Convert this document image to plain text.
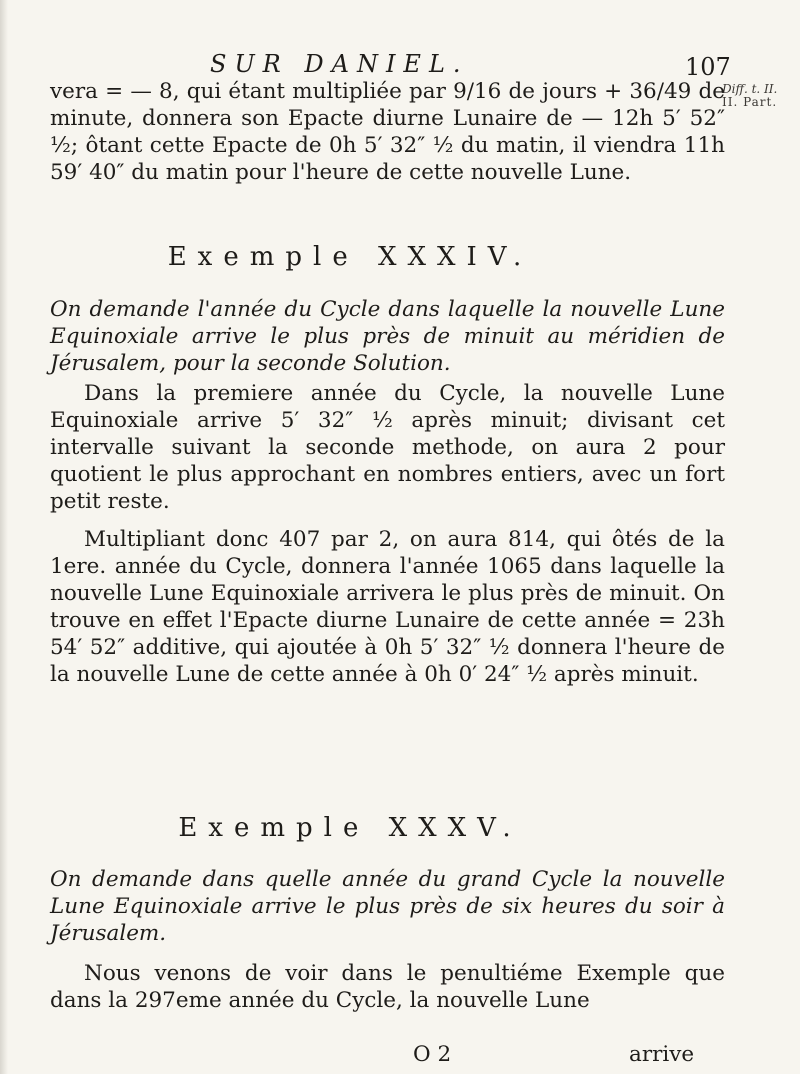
SUR DANIEL.	107
Diff. t. II.
II. Part.

vera = — 8, qui étant multipliée par 9/16 de jours + 36/49 de minute, donnera son Epacte diurne Lunaire de — 12h 5′ 52″ ½; ôtant cette Epacte de 0h 5′ 32″ ½ du matin, il viendra 11h 59′ 40″ du matin pour l'heure de cette nouvelle Lune.

Exemple XXXIV.

On demande l'année du Cycle dans laquelle la nouvelle Lune Equinoxiale arrive le plus près de minuit au méridien de Jérusalem, pour la seconde Solution.

Dans la premiere année du Cycle, la nouvelle Lune Equinoxiale arrive 5′ 32″ ½ après minuit; divisant cet intervalle suivant la seconde methode, on aura 2 pour quotient le plus approchant en nombres entiers, avec un fort petit reste.

Multipliant donc 407 par 2, on aura 814, qui ôtés de la 1ere. année du Cycle, donnera l'année 1065 dans laquelle la nouvelle Lune Equinoxiale arrivera le plus près de minuit. On trouve en effet l'Epacte diurne Lunaire de cette année = 23h 54′ 52″ additive, qui ajoutée à 0h 5′ 32″ ½ donnera l'heure de la nouvelle Lune de cette année à 0h 0′ 24″ ½ après minuit.

Exemple XXXV.

On demande dans quelle année du grand Cycle la nouvelle Lune Equinoxiale arrive le plus près de six heures du soir à Jérusalem.

Nous venons de voir dans le penultiéme Exemple que dans la 297eme année du Cycle, la nouvelle Lune

O 2	arrive
